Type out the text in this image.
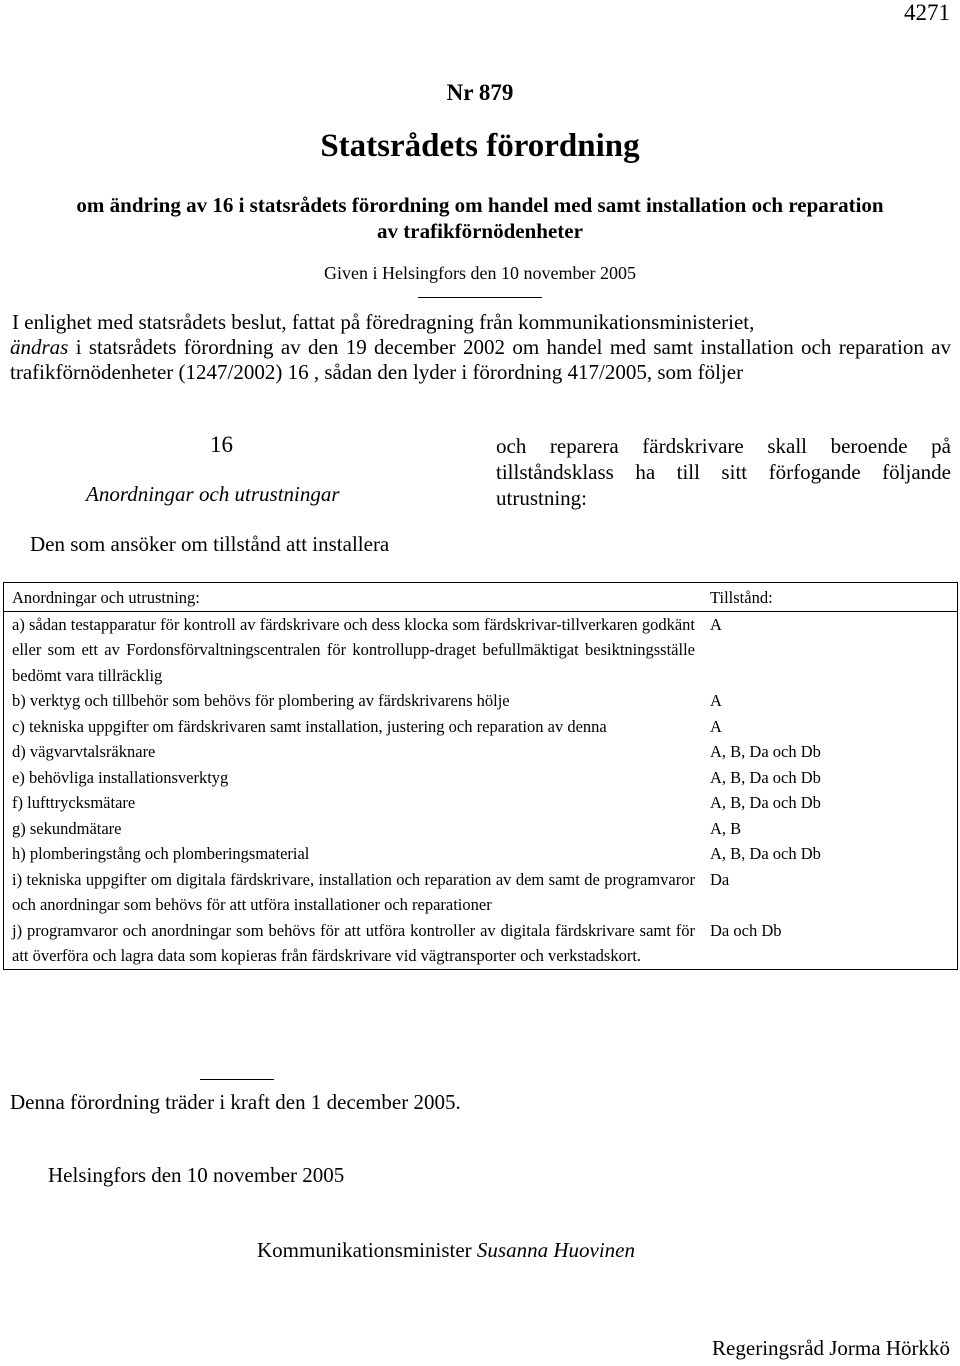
4271
Nr 879
Statsrådets förordning
om ändring av 16 i statsrådets förordning om handel med samt installation och reparation
av trafikförnödenheter
Given i Helsingfors den 10 november 2005
I enlighet med statsrådets beslut, fattat på föredragning från kommunikationsministeriet,
ändras i statsrådets förordning av den 19 december 2002 om handel med samt installation och reparation av trafikförnödenheter (1247/2002) 16 , sådan den lyder i förordning 417/2005, som följer
16
Anordningar och utrustningar
och reparera färdskrivare skall beroende på tillståndsklass ha till sitt förfogande följande utrustning:
Den som ansöker om tillstånd att installera
Anordningar och utrustning:	Tillstånd:
a) sådan testapparatur för kontroll av färdskrivare och dess klocka som färdskrivar-tillverkaren godkänt eller som ett av Fordonsförvaltningscentralen för kontrollupp-draget befullmäktigat besiktningsställe bedömt vara tillräcklig	A
b) verktyg och tillbehör som behövs för plombering av färdskrivarens hölje	A
c) tekniska uppgifter om färdskrivaren samt installation, justering och reparation av denna	A
d) vägvarvtalsräknare	A, B, Da och Db
e) behövliga installationsverktyg	A, B, Da och Db
f) lufttrycksmätare	A, B, Da och Db
g) sekundmätare	A, B
h) plomberingstång och plomberingsmaterial	A, B, Da och Db
i) tekniska uppgifter om digitala färdskrivare, installation och reparation av dem samt de programvaror och anordningar som behövs för att utföra installationer och reparationer	Da
j) programvaror och anordningar som behövs för att utföra kontroller av digitala färdskrivare samt för att överföra och lagra data som kopieras från färdskrivare vid vägtransporter och verkstadskort.	Da och Db
Denna förordning träder i kraft den 1 december 2005.
Helsingfors den 10 november 2005
Kommunikationsminister Susanna Huovinen
Regeringsråd Jorma Hörkkö
